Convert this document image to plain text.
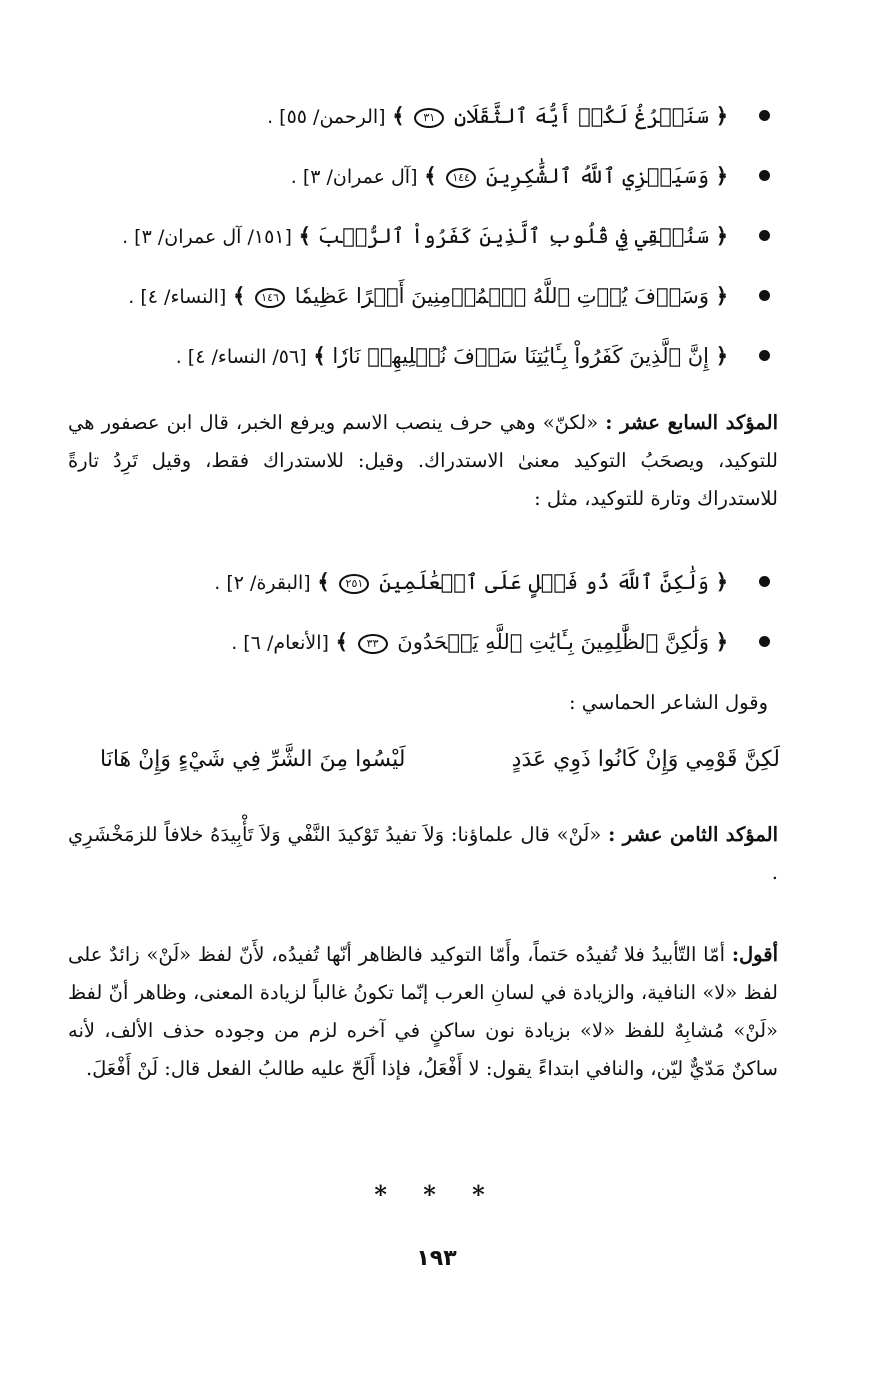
﴿ سَنَفۡرُغُ لَكُمۡ أَيُّهَ ٱلثَّقَلَانِ ٣١ ﴾ [الرحمن/ ٥٥] .
﴿ وَسَيَجۡزِي ٱللَّهُ ٱلشَّٰكِرِينَ ١٤٤ ﴾ [آل عمران/ ٣] .
﴿ سَنُلۡقِي فِي قُلُوبِ ٱلَّذِينَ كَفَرُواْ ٱلرُّعۡبَ ﴾ [١٥١/ آل عمران/ ٣] .
﴿ وَسَوۡفَ يُؤۡتِ ٱللَّهُ ٱلۡمُؤۡمِنِينَ أَجۡرًا عَظِيمٗا ١٤٦ ﴾ [النساء/ ٤] .
﴿ إِنَّ ٱلَّذِينَ كَفَرُواْ بِـَٔايَٰتِنَا سَوۡفَ نُصۡلِيهِمۡ نَارٗا ﴾ [٥٦/ النساء/ ٤] .
المؤكد السابع عشر : «لكنّ» وهي حرف ينصب الاسم ويرفع الخبر، قال ابن عصفور هي للتوكيد، ويصحَبُ التوكيد معنىٰ الاستدراك. وقيل: للاستدراك فقط، وقيل تَرِدُ تارةً للاستدراك وتارة للتوكيد، مثل :
﴿ وَلَٰكِنَّ ٱللَّهَ ذُو فَضۡلٍ عَلَى ٱلۡعَٰلَمِينَ ٢٥١ ﴾ [البقرة/ ٢] .
﴿ وَلَٰكِنَّ ٱلظَّٰلِمِينَ بِـَٔايَٰتِ ٱللَّهِ يَجۡحَدُونَ ٣٣ ﴾ [الأنعام/ ٦] .
وقول الشاعر الحماسي :
لَكِنَّ قَوْمِي وَإِنْ كَانُوا ذَوِي عَدَدٍ
لَيْسُوا مِنَ الشَّرِّ فِي شَيْءٍ وَإِنْ هَانَا
المؤكد الثامن عشر : «لَنْ» قال علماؤنا: وَلاَ تفيدُ تَوْكيدَ النَّفْي وَلاَ تَأْبِيدَهُ خلافاً للزمَخْشَرِي .
أقول: أمّا التّأبيدُ فلا تُفيدُه حَتماً، وأَمّا التوكيد فالظاهر أنّها تُفيدُه، لأَنّ لفظ «لَنْ» زائدٌ على لفظ «لا» النافية، والزيادة في لسانِ العرب إنّما تكونُ غالباً لزيادة المعنى، وظاهر أنّ لفظ «لَنْ» مُشابِهٌ للفظ «لا» بزيادة نون ساكنٍ في آخره لزم من وجوده حذف الألف، لأنه ساكنٌ مَدّيٌّ ليّن، والنافي ابتداءً يقول: لا أَفْعَلُ، فإذا أَلَحّ عليه طالبُ الفعل قال: لَنْ أَفْعَلَ.
* * *
١٩٣
